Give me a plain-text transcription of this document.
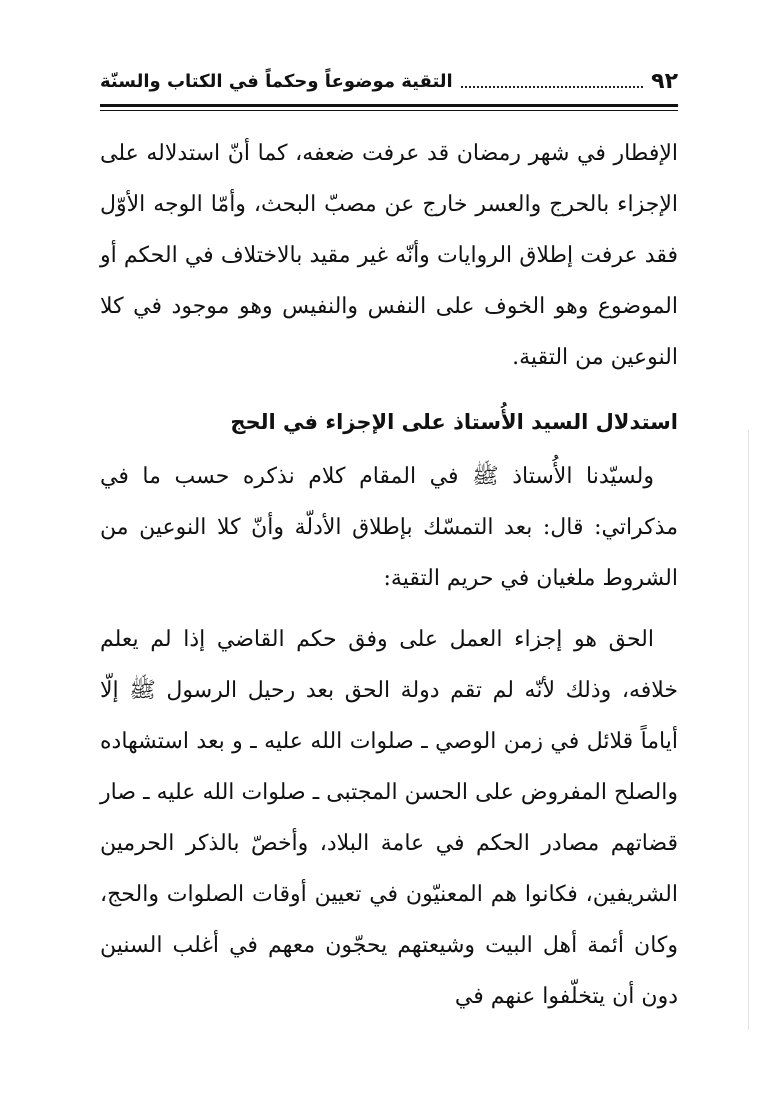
٩٢
التقية موضوعاً وحكماً في الكتاب والسنّة

الإفطار في شهر رمضان قد عرفت ضعفه، كما أنّ استدلاله على الإجزاء بالحرج والعسر خارج عن مصبّ البحث، وأمّا الوجه الأوّل فقد عرفت إطلاق الروايات وأنّه غير مقيد بالاختلاف في الحكم أو الموضوع وهو الخوف على النفس والنفيس وهو موجود في كلا النوعين من التقية.

استدلال السيد الأُستاذ على الإجزاء في الحج

ولسيّدنا الأُستاذ ﷺ في المقام كلام نذكره حسب ما في مذكراتي: قال: بعد التمسّك بإطلاق الأدلّة وأنّ كلا النوعين من الشروط ملغيان في حريم التقية:

الحق هو إجزاء العمل على وفق حكم القاضي إذا لم يعلم خلافه، وذلك لأنّه لم تقم دولة الحق بعد رحيل الرسول ﷺ إلّا أياماً قلائل في زمن الوصي ـ صلوات الله عليه ـ و بعد استشهاده والصلح المفروض على الحسن المجتبى ـ صلوات الله عليه ـ صار قضاتهم مصادر الحكم في عامة البلاد، وأخصّ بالذكر الحرمين الشريفين، فكانوا هم المعنيّون في تعيين أوقات الصلوات والحج، وكان أئمة أهل البيت وشيعتهم يحجّون معهم في أغلب السنين دون أن يتخلّفوا عنهم في
